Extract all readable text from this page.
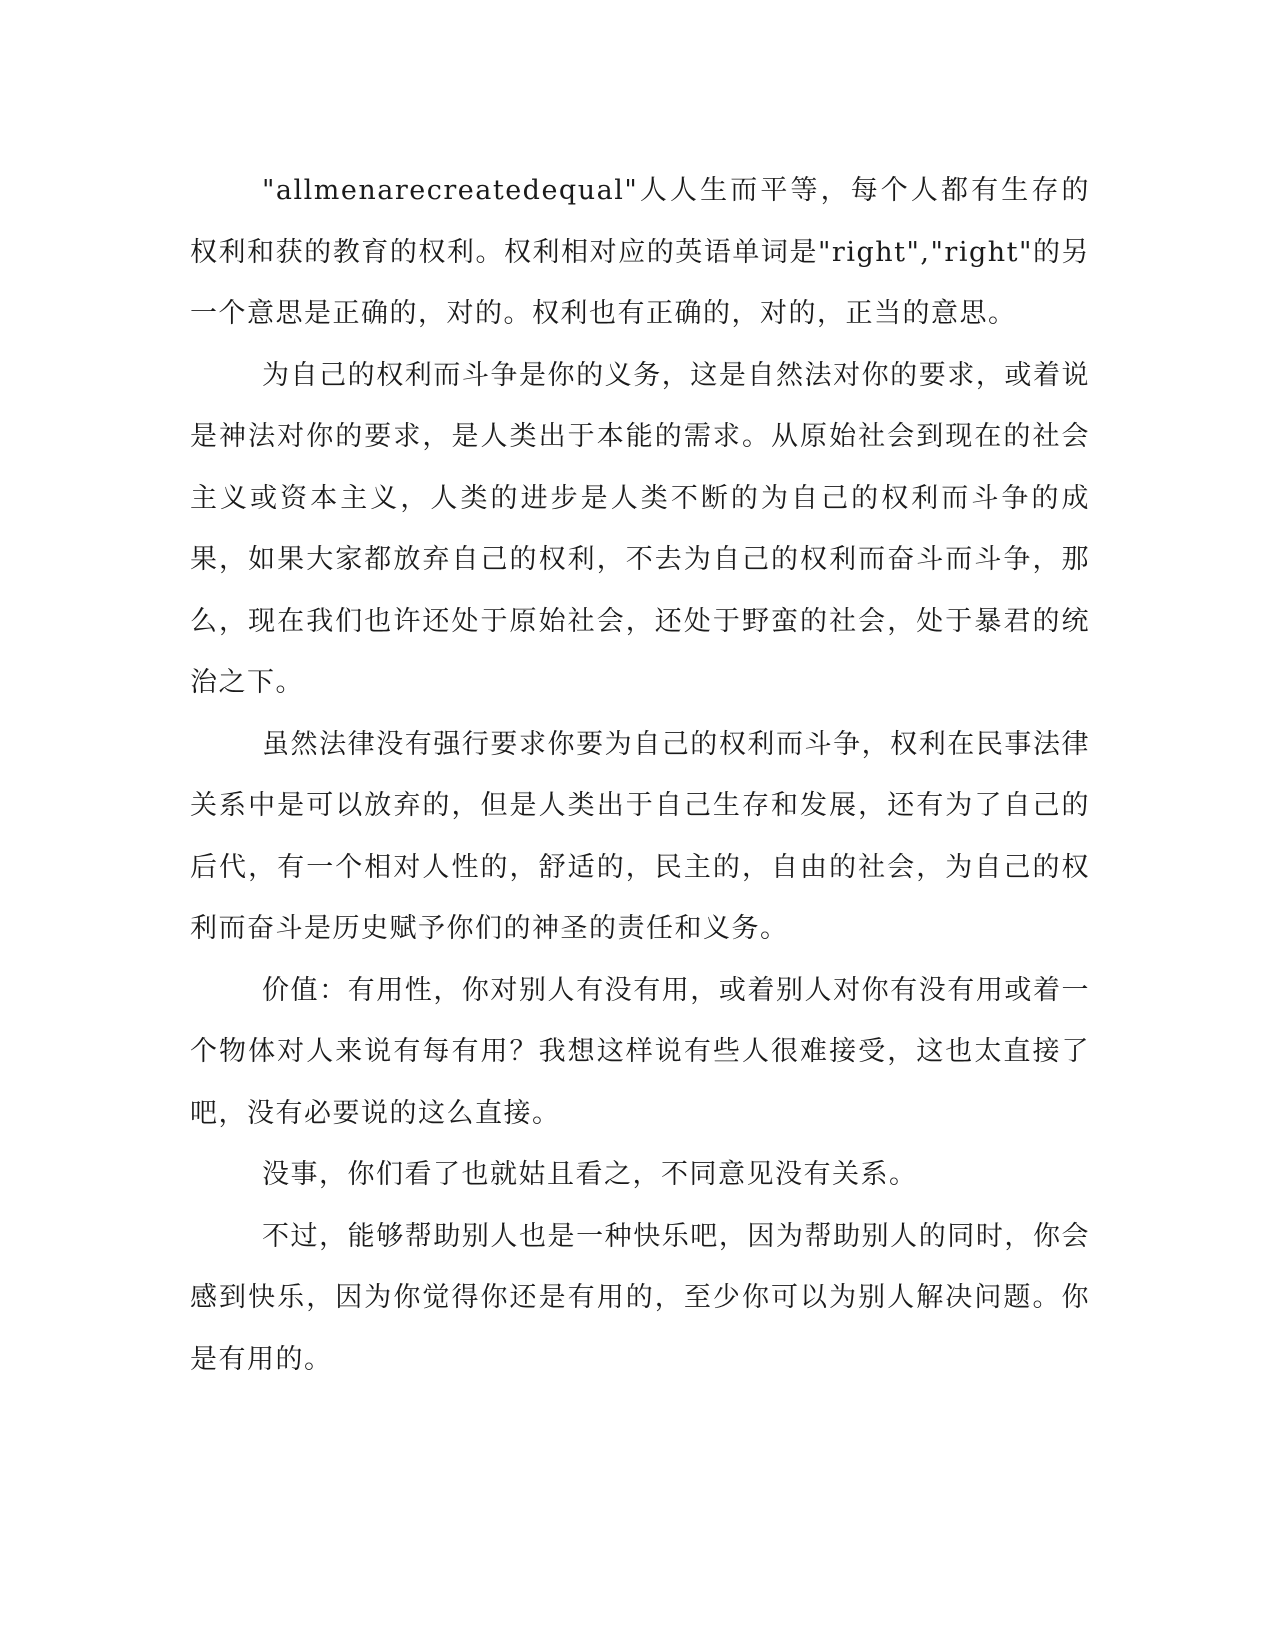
"allmenarecreatedequal"人人生而平等，每个人都有生存的权利和获的教育的权利。权利相对应的英语单词是"right","right"的另一个意思是正确的，对的。权利也有正确的，对的，正当的意思。

为自己的权利而斗争是你的义务，这是自然法对你的要求，或着说是神法对你的要求，是人类出于本能的需求。从原始社会到现在的社会主义或资本主义，人类的进步是人类不断的为自己的权利而斗争的成果，如果大家都放弃自己的权利，不去为自己的权利而奋斗而斗争，那么，现在我们也许还处于原始社会，还处于野蛮的社会，处于暴君的统治之下。

虽然法律没有强行要求你要为自己的权利而斗争，权利在民事法律关系中是可以放弃的，但是人类出于自己生存和发展，还有为了自己的后代，有一个相对人性的，舒适的，民主的，自由的社会，为自己的权利而奋斗是历史赋予你们的神圣的责任和义务。

价值：有用性，你对别人有没有用，或着别人对你有没有用或着一个物体对人来说有每有用？我想这样说有些人很难接受，这也太直接了吧，没有必要说的这么直接。

没事，你们看了也就姑且看之，不同意见没有关系。

不过，能够帮助别人也是一种快乐吧，因为帮助别人的同时，你会感到快乐，因为你觉得你还是有用的，至少你可以为别人解决问题。你是有用的。
